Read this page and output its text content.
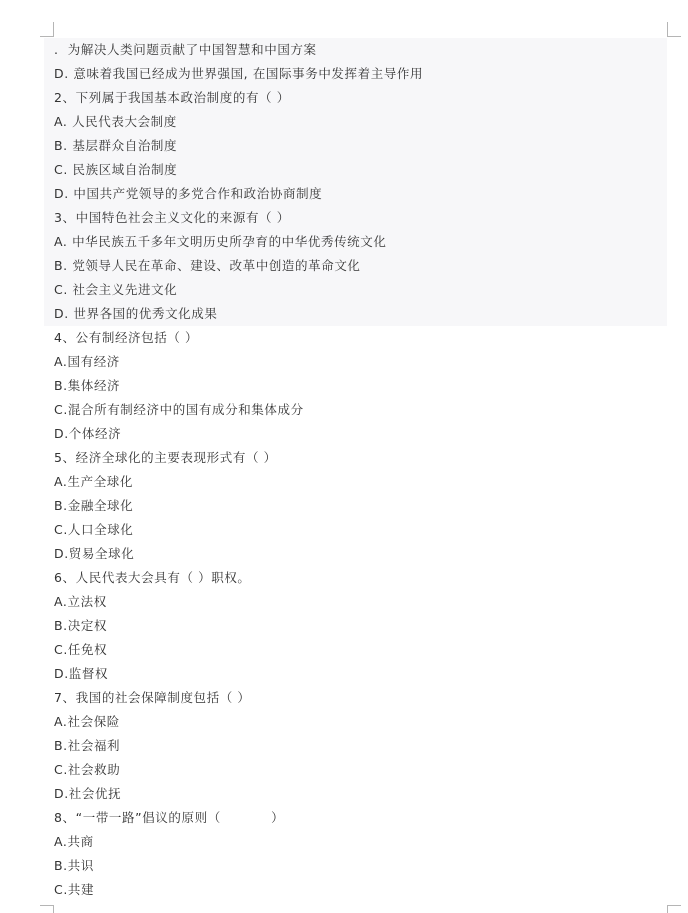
.  为解决人类问题贡献了中国智慧和中国方案
D. 意味着我国已经成为世界强国, 在国际事务中发挥着主导作用
2、下列属于我国基本政治制度的有（ ）
A. 人民代表大会制度
B. 基层群众自治制度
C. 民族区域自治制度
D. 中国共产党领导的多党合作和政治协商制度
3、中国特色社会主义文化的来源有（ ）
A. 中华民族五千多年文明历史所孕育的中华优秀传统文化
B. 党领导人民在革命、建设、改革中创造的革命文化
C. 社会主义先进文化
D. 世界各国的优秀文化成果
4、公有制经济包括（ ）
A.国有经济
B.集体经济
C.混合所有制经济中的国有成分和集体成分
D.个体经济
5、经济全球化的主要表现形式有（ ）
A.生产全球化
B.金融全球化
C.人口全球化
D.贸易全球化
6、人民代表大会具有（ ）职权。
A.立法权
B.决定权
C.任免权
D.监督权
7、我国的社会保障制度包括（ ）
A.社会保险
B.社会福利
C.社会救助
D.社会优抚
8、“一带一路”倡议的原则（           ）
A.共商
B.共识
C.共建
